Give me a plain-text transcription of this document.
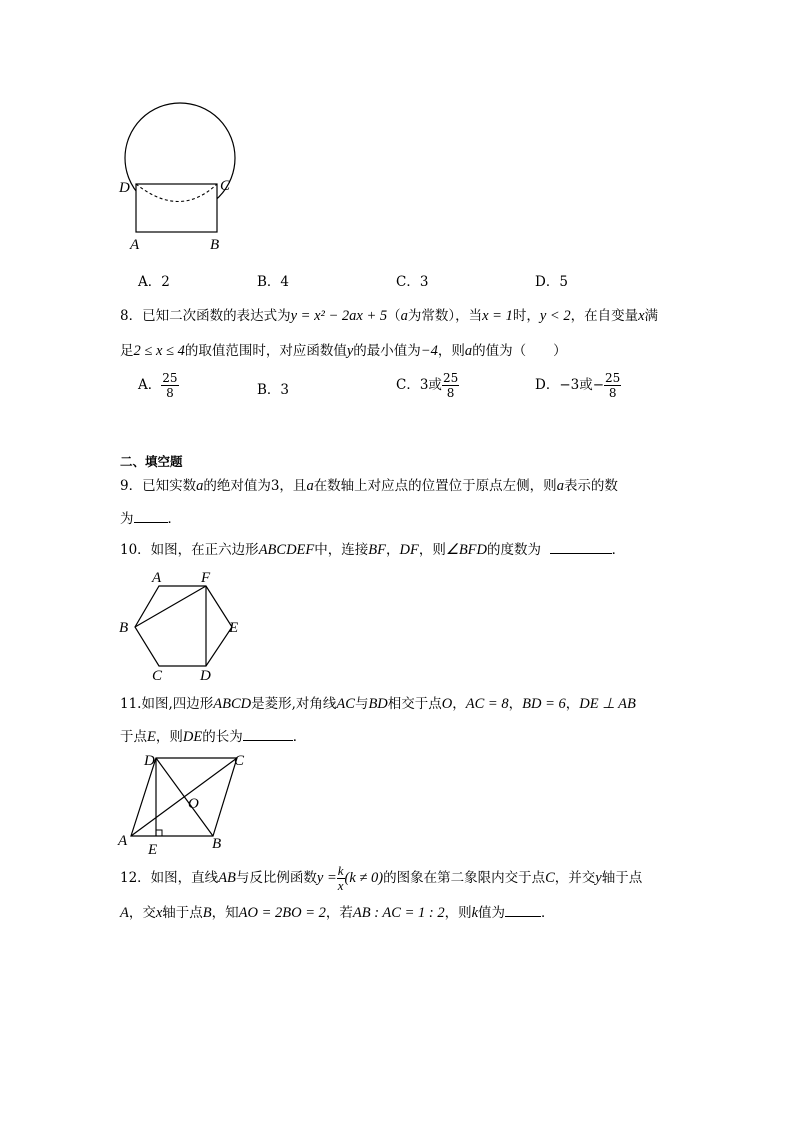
D	C
A	B
A．2	B．4	C．3	D．5
8．已知二次函数的表达式为y = x² − 2ax + 5（a为常数），当x = 1时，y < 2，在自变量x满
足2 ≤ x ≤ 4的取值范围时，对应函数值y的最小值为−4，则a的值为（　　）
A． $\frac{25}{8}$	B．3	C．3或 $\frac{25}{8}$	D．−3或− $\frac{25}{8}$
二、填空题
9．已知实数a的绝对值为3，且a在数轴上对应点的位置位于原点左侧，则a表示的数
为	．
10．如图，在正六边形ABCDEF中，连接BF，DF，则∠BFD的度数为	．
A	F
B	E
C	D
11.如图,四边形ABCD是菱形,对角线AC与BD相交于点O，AC = 8，BD = 6，DE ⊥ AB
于点E，则DE的长为	．
D	C
O
A
E	B
12．如图，直线AB与反比例函数$y = \frac{k}{x} (k \ne 0)$的图象在第二象限内交于点C，并交y轴于点
A，交x轴于点B，知AO = 2BO = 2，若AB : AC = 1 : 2，则k值为	．
